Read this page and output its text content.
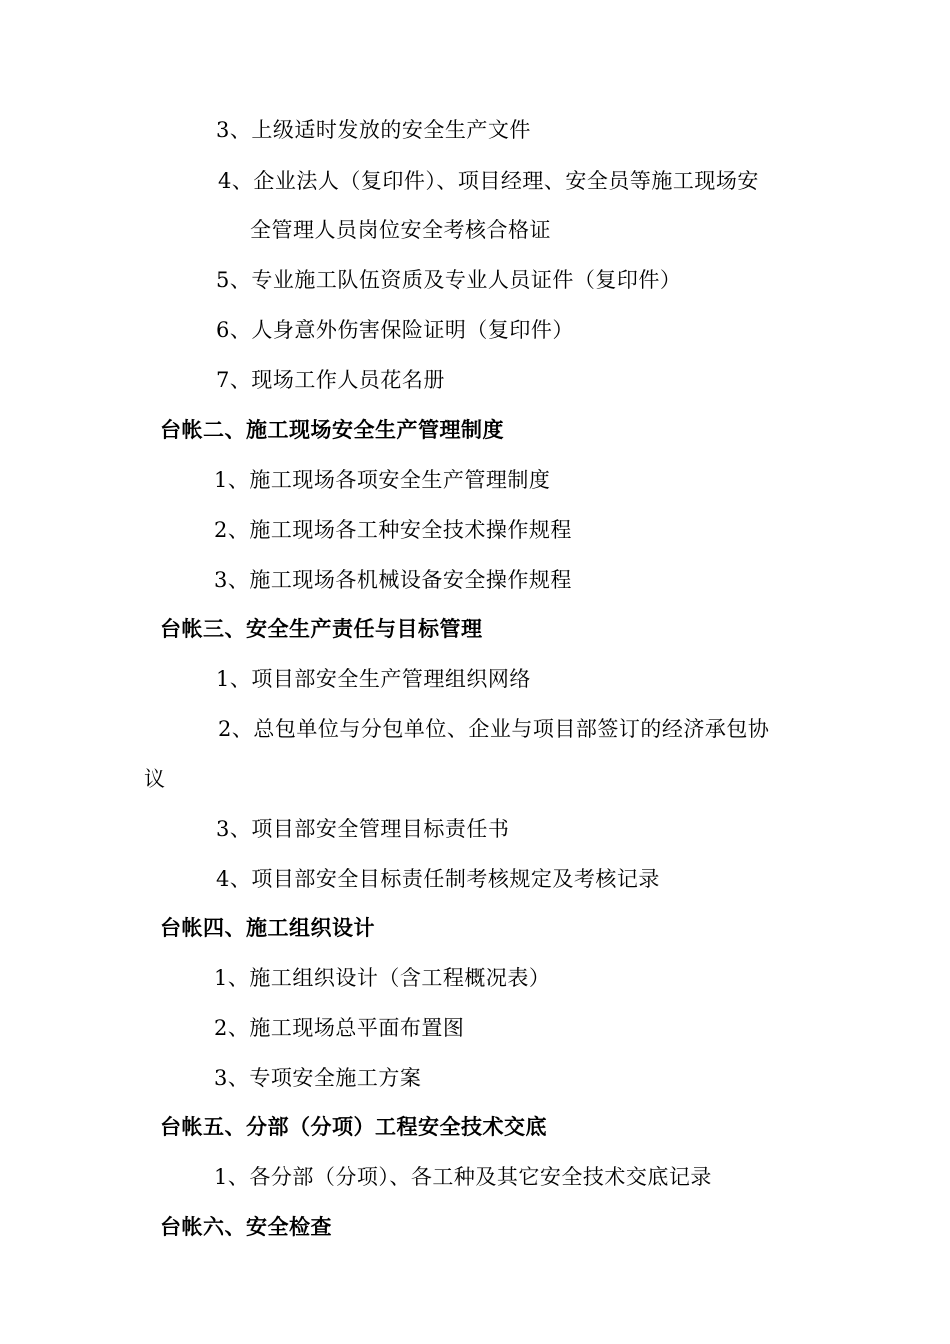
3、上级适时发放的安全生产文件
4、企业法人（复印件）、项目经理、安全员等施工现场安
全管理人员岗位安全考核合格证
5、专业施工队伍资质及专业人员证件（复印件）
6、人身意外伤害保险证明（复印件）
7、现场工作人员花名册
台帐二、施工现场安全生产管理制度
1、施工现场各项安全生产管理制度
2、施工现场各工种安全技术操作规程
3、施工现场各机械设备安全操作规程
台帐三、安全生产责任与目标管理
1、项目部安全生产管理组织网络
2、总包单位与分包单位、企业与项目部签订的经济承包协
议
3、项目部安全管理目标责任书
4、项目部安全目标责任制考核规定及考核记录
台帐四、施工组织设计
1、施工组织设计（含工程概况表）
2、施工现场总平面布置图
3、专项安全施工方案
台帐五、分部（分项）工程安全技术交底
1、各分部（分项）、各工种及其它安全技术交底记录
台帐六、安全检查
